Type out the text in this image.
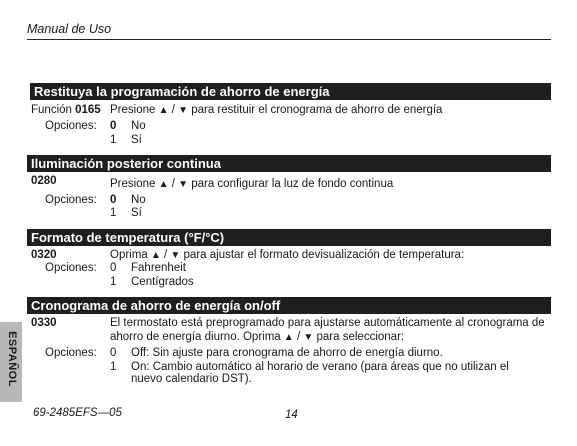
Manual de Uso
Restituya la programación de ahorro de energía
Función 0165 Presione ▲ / ▼ para restituir el cronograma de ahorro de energía
Opciones: 0 No
1 Sí
Iluminación posterior continua
0280	Presione ▲ / ▼ para configurar la luz de fondo continua
Opciones: 0 No
1 Sí
Formato de temperatura (°F/°C)
0320	Oprima ▲ / ▼ para ajustar el formato devisualización de temperatura:
Opciones: 0 Fahrenheit
1 Centígrados
Cronograma de ahorro de energía on/off
0330	El termostato está preprogramado para ajustarse automáticamente al cronograma de
ahorro de energía diurno. Oprima ▲ / ▼ para seleccionar:
Opciones: 0 Off: Sin ajuste para cronograma de ahorro de energía diurno.
1 On: Cambio automático al horario de verano (para áreas que no utilizan el
nuevo calendario DST).
ESPAÑOL
69-2485EFS—05	14
